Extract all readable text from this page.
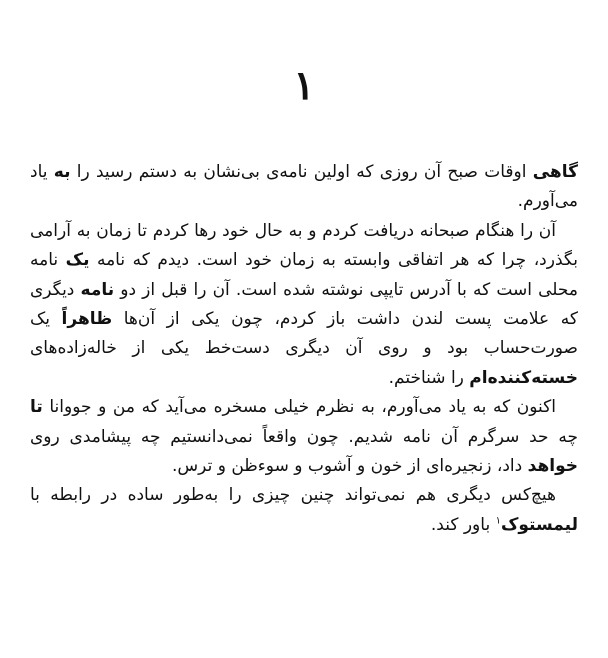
۱

گاهی اوقات صبح آن روزی که اولین نامه‌ی بی‌نشان به دستم رسید را به یاد می‌آورم.

آن را هنگام صبحانه دریافت کردم و به حال خود رها کردم تا زمان به آرامی بگذرد، چرا که هر اتفاقی وابسته به زمان خود است. دیدم که نامه یک نامه محلی است که با آدرس تایپی نوشته شده است. آن را قبل از دو نامه دیگری که علامت پست لندن داشت باز کردم، چون یکی از آن‌ها ظاهراً یک صورت‌حساب بود و روی آن دیگری دست‌خط یکی از خاله‌زاده‌های خسته‌کننده‌ام را شناختم.

اکنون که به یاد می‌آورم، به نظرم خیلی مسخره می‌آید که من و جووانا تا چه حد سرگرم آن نامه شدیم. چون واقعاً نمی‌دانستیم چه پیشامدی روی خواهد داد، زنجیره‌ای از خون و آشوب و سوءظن و ترس.

هیچ‌کس دیگری هم نمی‌تواند چنین چیزی را به‌طور ساده در رابطه با لیمستوک$^۱$ باور کند.
